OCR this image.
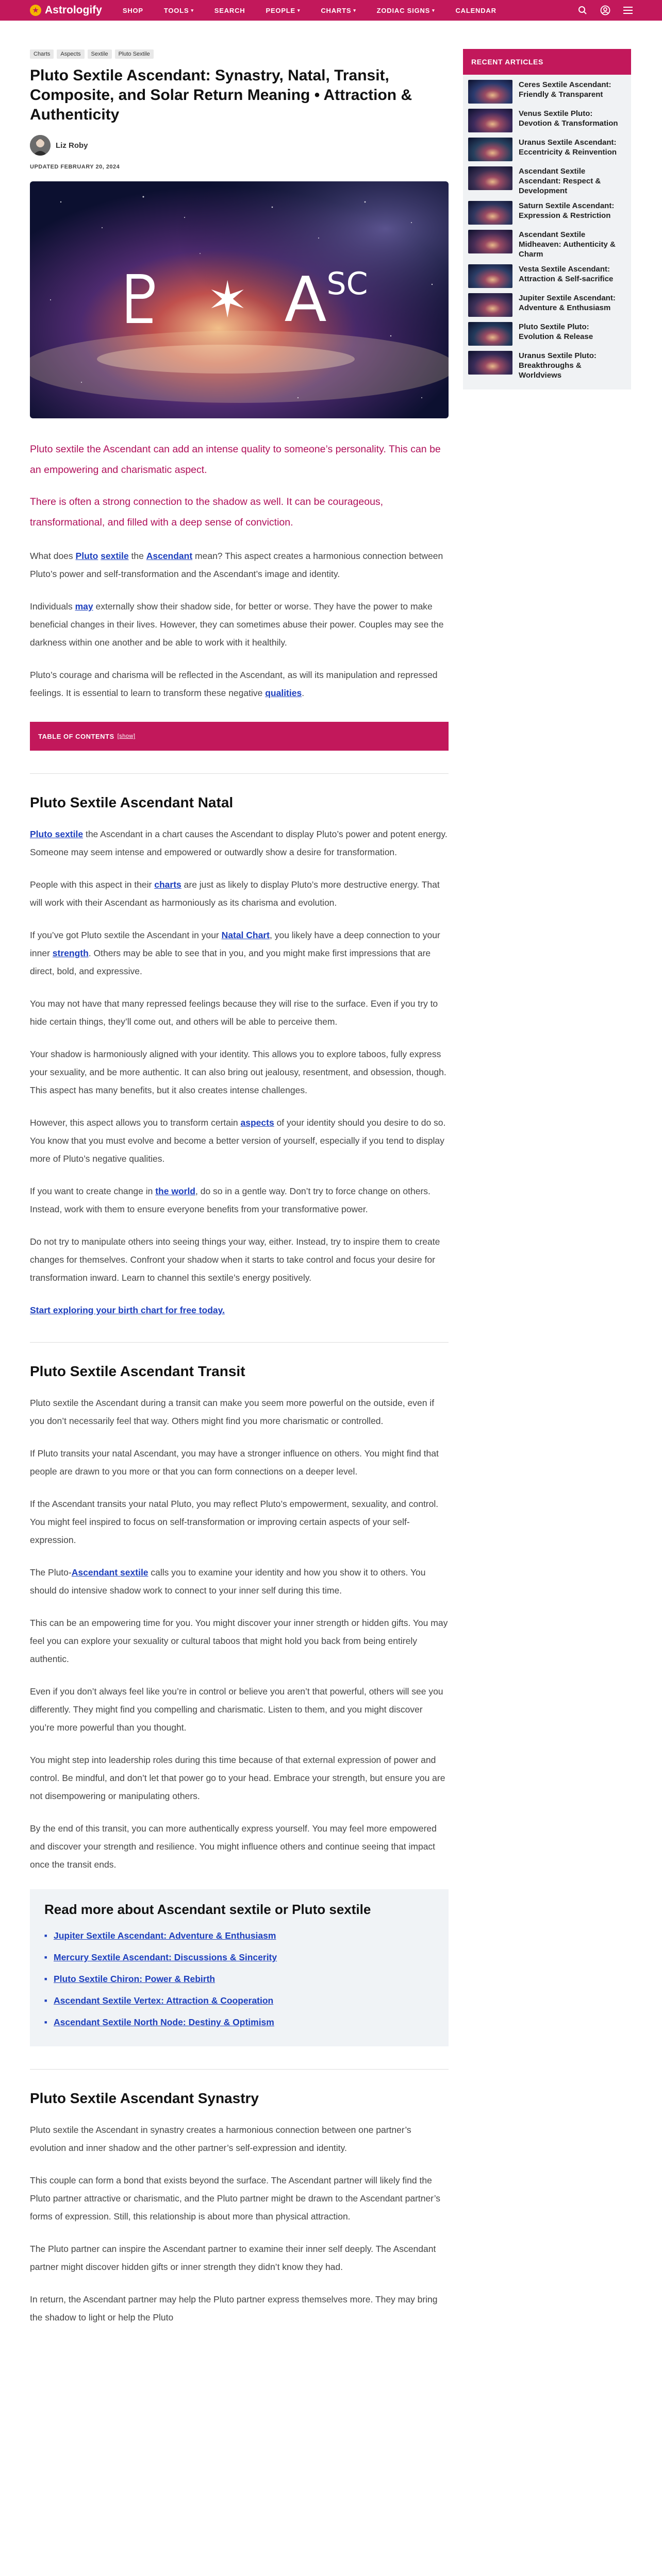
★ Astrologify	SHOP	TOOLS ▾	SEARCH	PEOPLE ▾	CHARTS ▾	ZODIAC SIGNS ▾	CALENDAR
Charts	Aspects	Sextile	Pluto Sextile
Pluto Sextile Ascendant: Synastry, Natal, Transit, Composite, and Solar Return Meaning • Attraction & Authenticity
Liz Roby
UPDATED FEBRUARY 20, 2024
♇ ✶ $A^{SC}$

Pluto sextile the Ascendant can add an intense quality to someone’s personality. This can be an empowering and charismatic aspect.

There is often a strong connection to the shadow as well. It can be courageous, transformational, and filled with a deep sense of conviction.

What does Pluto sextile the Ascendant mean? This aspect creates a harmonious connection between Pluto’s power and self-transformation and the Ascendant’s image and identity.

Individuals may externally show their shadow side, for better or worse. They have the power to make beneficial changes in their lives. However, they can sometimes abuse their power. Couples may see the darkness within one another and be able to work with it healthily.

Pluto’s courage and charisma will be reflected in the Ascendant, as will its manipulation and repressed feelings. It is essential to learn to transform these negative qualities.

TABLE OF CONTENTS [show]
Pluto Sextile Ascendant Natal

Pluto sextile the Ascendant in a chart causes the Ascendant to display Pluto’s power and potent energy. Someone may seem intense and empowered or outwardly show a desire for transformation.

People with this aspect in their charts are just as likely to display Pluto’s more destructive energy. That will work with their Ascendant as harmoniously as its charisma and evolution.

If you’ve got Pluto sextile the Ascendant in your Natal Chart, you likely have a deep connection to your inner strength. Others may be able to see that in you, and you might make first impressions that are direct, bold, and expressive.

You may not have that many repressed feelings because they will rise to the surface. Even if you try to hide certain things, they’ll come out, and others will be able to perceive them.

Your shadow is harmoniously aligned with your identity. This allows you to explore taboos, fully express your sexuality, and be more authentic. It can also bring out jealousy, resentment, and obsession, though. This aspect has many benefits, but it also creates intense challenges.

However, this aspect allows you to transform certain aspects of your identity should you desire to do so. You know that you must evolve and become a better version of yourself, especially if you tend to display more of Pluto’s negative qualities.

If you want to create change in the world, do so in a gentle way. Don’t try to force change on others. Instead, work with them to ensure everyone benefits from your transformative power.

Do not try to manipulate others into seeing things your way, either. Instead, try to inspire them to create changes for themselves. Confront your shadow when it starts to take control and focus your desire for transformation inward. Learn to channel this sextile’s energy positively.

Start exploring your birth chart for free today.

Pluto Sextile Ascendant Transit

Pluto sextile the Ascendant during a transit can make you seem more powerful on the outside, even if you don’t necessarily feel that way. Others might find you more charismatic or controlled.

If Pluto transits your natal Ascendant, you may have a stronger influence on others. You might find that people are drawn to you more or that you can form connections on a deeper level.

If the Ascendant transits your natal Pluto, you may reflect Pluto’s empowerment, sexuality, and control. You might feel inspired to focus on self-transformation or improving certain aspects of your self-expression.

The Pluto-Ascendant sextile calls you to examine your identity and how you show it to others. You should do intensive shadow work to connect to your inner self during this time.

This can be an empowering time for you. You might discover your inner strength or hidden gifts. You may feel you can explore your sexuality or cultural taboos that might hold you back from being entirely authentic.

Even if you don’t always feel like you’re in control or believe you aren’t that powerful, others will see you differently. They might find you compelling and charismatic. Listen to them, and you might discover you’re more powerful than you thought.

You might step into leadership roles during this time because of that external expression of power and control. Be mindful, and don’t let that power go to your head. Embrace your strength, but ensure you are not disempowering or manipulating others.

By the end of this transit, you can more authentically express yourself. You may feel more empowered and discover your strength and resilience. You might influence others and continue seeing that impact once the transit ends.

Read more about Ascendant sextile or Pluto sextile
■ Jupiter Sextile Ascendant: Adventure & Enthusiasm
■ Mercury Sextile Ascendant: Discussions & Sincerity
■ Pluto Sextile Chiron: Power & Rebirth
■ Ascendant Sextile Vertex: Attraction & Cooperation
■ Ascendant Sextile North Node: Destiny & Optimism
Pluto Sextile Ascendant Synastry

Pluto sextile the Ascendant in synastry creates a harmonious connection between one partner’s evolution and inner shadow and the other partner’s self-expression and identity.

This couple can form a bond that exists beyond the surface. The Ascendant partner will likely find the Pluto partner attractive or charismatic, and the Pluto partner might be drawn to the Ascendant partner’s forms of expression. Still, this relationship is about more than physical attraction.

The Pluto partner can inspire the Ascendant partner to examine their inner self deeply. The Ascendant partner might discover hidden gifts or inner strength they didn’t know they had.

In return, the Ascendant partner may help the Pluto partner express themselves more. They may bring the shadow to light or help the Pluto

RECENT ARTICLES
Ceres Sextile Ascendant: Friendly & Transparent
Venus Sextile Pluto: Devotion & Transformation
Uranus Sextile Ascendant: Eccentricity & Reinvention
Ascendant Sextile Ascendant: Respect & Development
Saturn Sextile Ascendant: Expression & Restriction
Ascendant Sextile Midheaven: Authenticity & Charm
Vesta Sextile Ascendant: Attraction & Self-sacrifice
Jupiter Sextile Ascendant: Adventure & Enthusiasm
Pluto Sextile Pluto: Evolution & Release
Uranus Sextile Pluto: Breakthroughs & Worldviews
